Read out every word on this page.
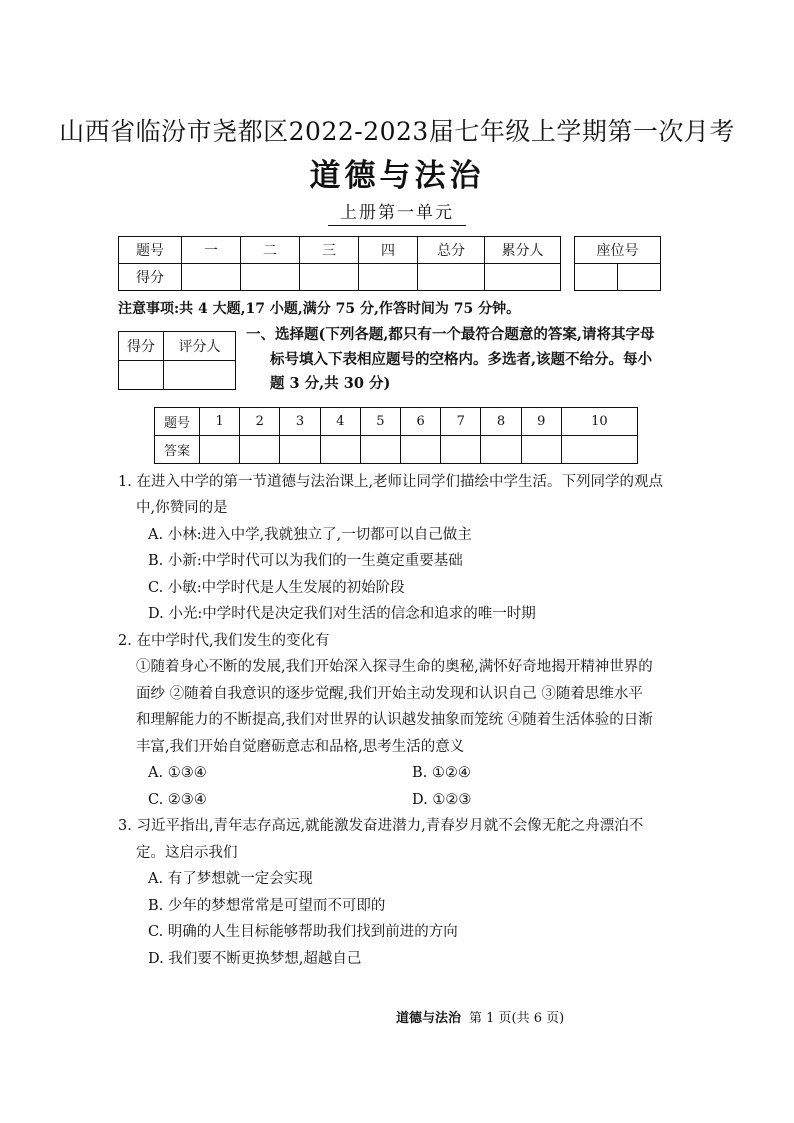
山西省临汾市尧都区2022-2023届七年级上学期第一次月考
道德与法治
上册第一单元
题号	一	二	三	四	总分	累分人
得分						
座位号

注意事项:共 4 大题,17 小题,满分 75 分,作答时间为 75 分钟。
得分	评分人

一、选择题(下列各题,都只有一个最符合题意的答案,请将其字母
标号填入下表相应题号的空格内。多选者,该题不给分。每小
题 3 分,共 30 分)
题号	1	2	3	4	5	6	7	8	9	10
答案										
1. 在进入中学的第一节道德与法治课上,老师让同学们描绘中学生活。下列同学的观点
中,你赞同的是
A. 小林:进入中学,我就独立了,一切都可以自己做主
B. 小新:中学时代可以为我们的一生奠定重要基础
C. 小敏:中学时代是人生发展的初始阶段
D. 小光:中学时代是决定我们对生活的信念和追求的唯一时期
2. 在中学时代,我们发生的变化有
①随着身心不断的发展,我们开始深入探寻生命的奥秘,满怀好奇地揭开精神世界的
面纱 ②随着自我意识的逐步觉醒,我们开始主动发现和认识自己 ③随着思维水平
和理解能力的不断提高,我们对世界的认识越发抽象而笼统 ④随着生活体验的日渐
丰富,我们开始自觉磨砺意志和品格,思考生活的意义
A. ①③④	B. ①②④
C. ②③④	D. ①②③
3. 习近平指出,青年志存高远,就能激发奋进潜力,青春岁月就不会像无舵之舟漂泊不
定。这启示我们
A. 有了梦想就一定会实现
B. 少年的梦想常常是可望而不可即的
C. 明确的人生目标能够帮助我们找到前进的方向
D. 我们要不断更换梦想,超越自己
道德与法治 第 1 页(共 6 页)
